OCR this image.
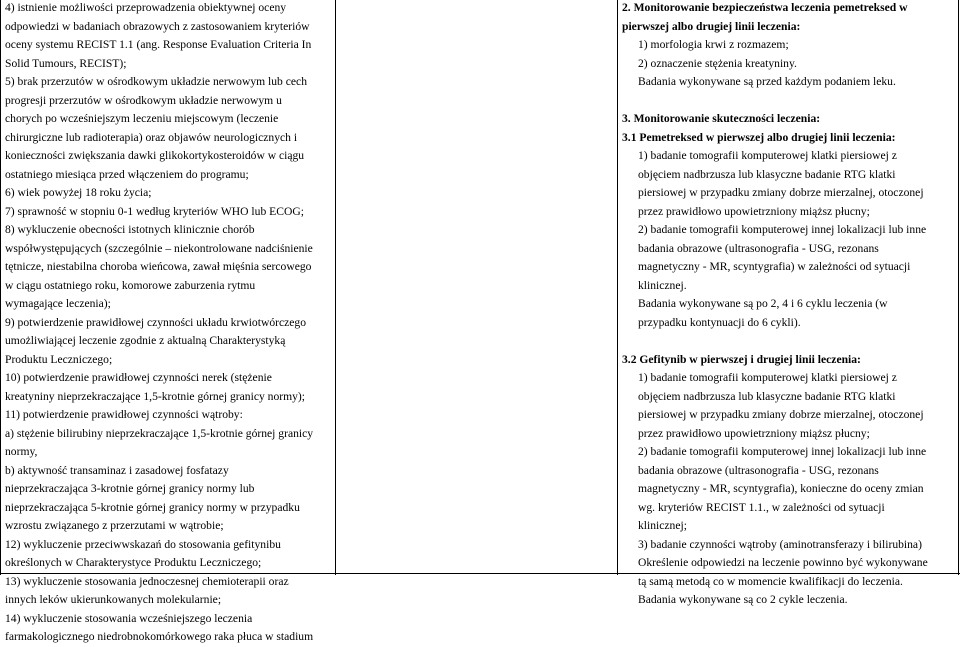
4) istnienie możliwości przeprowadzenia obiektywnej oceny
odpowiedzi w badaniach obrazowych z zastosowaniem kryteriów
oceny systemu RECIST 1.1 (ang. Response Evaluation Criteria In
Solid Tumours, RECIST);
5) brak przerzutów w ośrodkowym układzie nerwowym lub cech
progresji przerzutów w ośrodkowym układzie nerwowym u
chorych po wcześniejszym leczeniu miejscowym (leczenie
chirurgiczne lub radioterapia) oraz objawów neurologicznych i
konieczności zwiększania dawki glikokortykosteroidów w ciągu
ostatniego miesiąca przed włączeniem do programu;
6) wiek powyżej 18 roku życia;
7) sprawność w stopniu 0-1 według kryteriów WHO lub ECOG;
8) wykluczenie obecności istotnych klinicznie chorób
współwystępujących (szczególnie – niekontrolowane nadciśnienie
tętnicze, niestabilna choroba wieńcowa, zawał mięśnia sercowego
w ciągu ostatniego roku, komorowe zaburzenia rytmu
wymagające leczenia);
9) potwierdzenie prawidłowej czynności układu krwiotwórczego
umożliwiającej leczenie zgodnie z aktualną Charakterystyką
Produktu Leczniczego;
10) potwierdzenie prawidłowej czynności nerek (stężenie
kreatyniny nieprzekraczające 1,5-krotnie górnej granicy normy);
11) potwierdzenie prawidłowej czynności wątroby:
a) stężenie bilirubiny nieprzekraczające 1,5-krotnie górnej granicy
normy,
b) aktywność transaminaz i zasadowej fosfatazy
nieprzekraczająca 3-krotnie górnej granicy normy lub
nieprzekraczająca 5-krotnie górnej granicy normy w przypadku
wzrostu związanego z przerzutami w wątrobie;
12) wykluczenie przeciwwskazań do stosowania gefitynibu
określonych w Charakterystyce Produktu Leczniczego;
13) wykluczenie stosowania jednoczesnej chemioterapii oraz
innych leków ukierunkowanych molekularnie;
14) wykluczenie stosowania wcześniejszego leczenia
farmakologicznego niedrobnokomórkowego raka płuca w stadium
2. Monitorowanie bezpieczeństwa leczenia pemetreksed w
pierwszej albo drugiej linii leczenia:
1) morfologia krwi z rozmazem;
2) oznaczenie stężenia kreatyniny.
Badania wykonywane są przed każdym podaniem leku.
3. Monitorowanie skuteczności leczenia:
3.1 Pemetreksed w pierwszej albo drugiej linii leczenia:
1) badanie tomografii komputerowej klatki piersiowej z
objęciem nadbrzusza lub klasyczne badanie RTG klatki
piersiowej w przypadku zmiany dobrze mierzalnej, otoczonej
przez prawidłowo upowietrzniony miąższ płucny;
2) badanie tomografii komputerowej innej lokalizacji lub inne
badania obrazowe (ultrasonografia - USG, rezonans
magnetyczny - MR, scyntygrafia) w zależności od sytuacji
klinicznej.
Badania wykonywane są po 2, 4 i 6 cyklu leczenia (w
przypadku kontynuacji do 6 cykli).
3.2 Gefitynib w pierwszej i drugiej linii leczenia:
1) badanie tomografii komputerowej klatki piersiowej z
objęciem nadbrzusza lub klasyczne badanie RTG klatki
piersiowej w przypadku zmiany dobrze mierzalnej, otoczonej
przez prawidłowo upowietrzniony miąższ płucny;
2) badanie tomografii komputerowej innej lokalizacji lub inne
badania obrazowe (ultrasonografia - USG, rezonans
magnetyczny - MR, scyntygrafia), konieczne do oceny zmian
wg. kryteriów RECIST 1.1., w zależności od sytuacji
klinicznej;
3) badanie czynności wątroby (aminotransferazy i bilirubina)
Określenie odpowiedzi na leczenie powinno być wykonywane
tą samą metodą co w momencie kwalifikacji do leczenia.
Badania wykonywane są co 2 cykle leczenia.
